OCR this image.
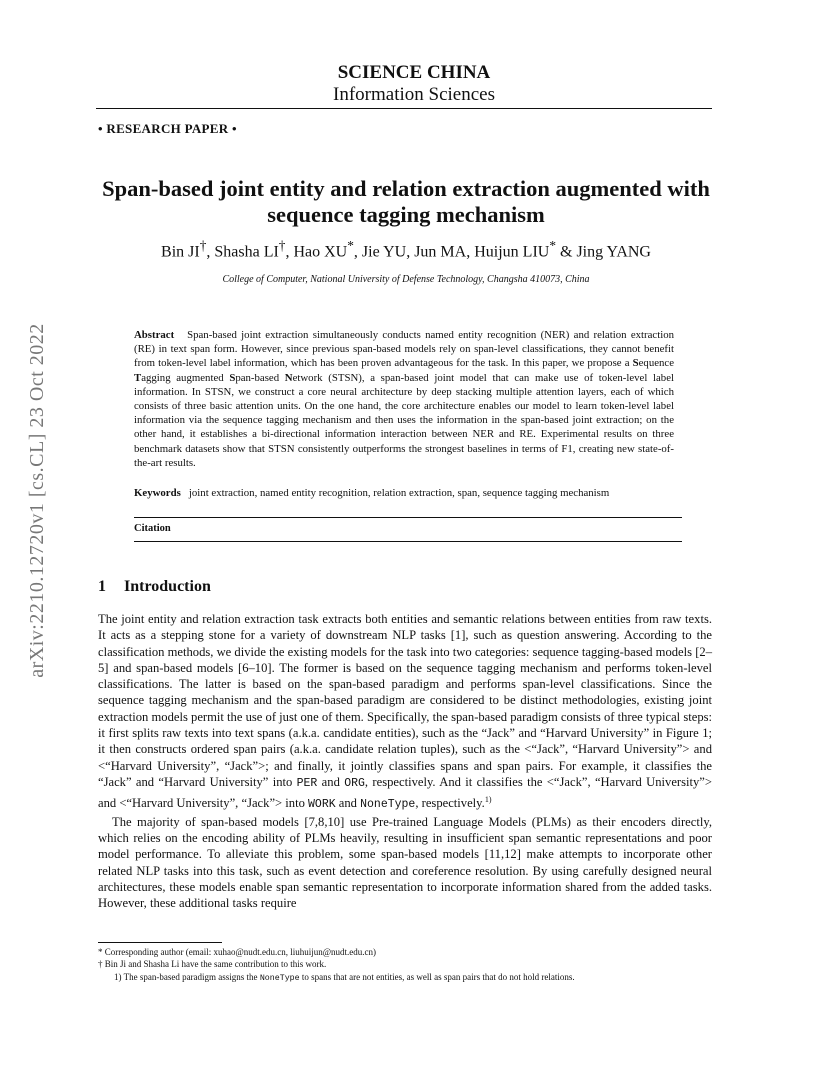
arXiv:2210.12720v1 [cs.CL] 23 Oct 2022
SCIENCE CHINA
Information Sciences
• RESEARCH PAPER •
Span-based joint entity and relation extraction augmented with sequence tagging mechanism
Bin JI†, Shasha LI†, Hao XU*, Jie YU, Jun MA, Huijun LIU* & Jing YANG
College of Computer, National University of Defense Technology, Changsha 410073, China
Abstract Span-based joint extraction simultaneously conducts named entity recognition (NER) and relation extraction (RE) in text span form. However, since previous span-based models rely on span-level classifications, they cannot benefit from token-level label information, which has been proven advantageous for the task. In this paper, we propose a Sequence Tagging augmented Span-based Network (STSN), a span-based joint model that can make use of token-level label information. In STSN, we construct a core neural architecture by deep stacking multiple attention layers, each of which consists of three basic attention units. On the one hand, the core architecture enables our model to learn token-level label information via the sequence tagging mechanism and then uses the information in the span-based joint extraction; on the other hand, it establishes a bi-directional information interaction between NER and RE. Experimental results on three benchmark datasets show that STSN consistently outperforms the strongest baselines in terms of F1, creating new state-of-the-art results.
Keywords joint extraction, named entity recognition, relation extraction, span, sequence tagging mechanism
Citation
1 Introduction

The joint entity and relation extraction task extracts both entities and semantic relations between entities from raw texts. It acts as a stepping stone for a variety of downstream NLP tasks [1], such as question answering. According to the classification methods, we divide the existing models for the task into two categories: sequence tagging-based models [2–5] and span-based models [6–10]. The former is based on the sequence tagging mechanism and performs token-level classifications. The latter is based on the span-based paradigm and performs span-level classifications. Since the sequence tagging mechanism and the span-based paradigm are considered to be distinct methodologies, existing joint extraction models permit the use of just one of them. Specifically, the span-based paradigm consists of three typical steps: it first splits raw texts into text spans (a.k.a. candidate entities), such as the “Jack” and “Harvard University” in Figure 1; it then constructs ordered span pairs (a.k.a. candidate relation tuples), such as the <“Jack”, “Harvard University”> and <“Harvard University”, “Jack”>; and finally, it jointly classifies spans and span pairs. For example, it classifies the “Jack” and “Harvard University” into PER and ORG, respectively. And it classifies the <“Jack”, “Harvard University”> and <“Harvard University”, “Jack”> into WORK and NoneType, respectively.$^{1)}$

The majority of span-based models [7,8,10] use Pre-trained Language Models (PLMs) as their encoders directly, which relies on the encoding ability of PLMs heavily, resulting in insufficient span semantic representations and poor model performance. To alleviate this problem, some span-based models [11,12] make attempts to incorporate other related NLP tasks into this task, such as event detection and coreference resolution. By using carefully designed neural architectures, these models enable span semantic representation to incorporate information shared from the added tasks. However, these additional tasks require

* Corresponding author (email: xuhao@nudt.edu.cn, liuhuijun@nudt.edu.cn)
† Bin Ji and Shasha Li have the same contribution to this work.
1) The span-based paradigm assigns the NoneType to spans that are not entities, as well as span pairs that do not hold relations.
